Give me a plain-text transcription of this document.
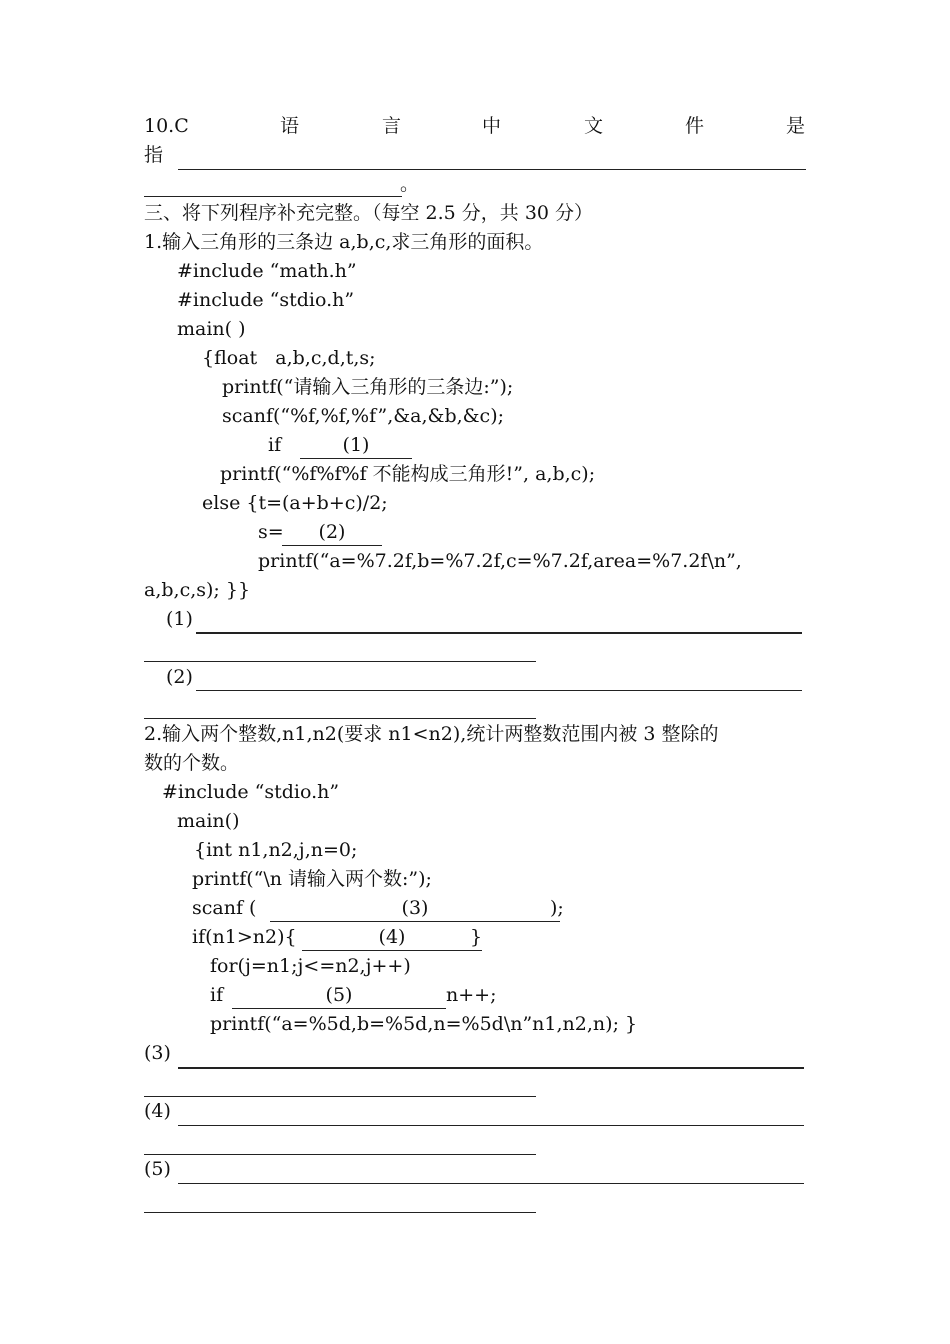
10.C	语	言	中	文	件	是
指
。
三、将下列程序补充完整。（每空 2.5 分，共 30 分）
1.输入三角形的三条边 a,b,c,求三角形的面积。
#include “math.h”
#include “stdio.h”
main( )
{float   a,b,c,d,t,s;
printf(“请输入三角形的三条边:”);
scanf(“%f,%f,%f”,&a,&b,&c);
if	(1)
printf(“%f%f%f 不能构成三角形!”, a,b,c);
else {t=(a+b+c)/2;
s=	(2)
printf(“a=%7.2f,b=%7.2f,c=%7.2f,area=%7.2f\n”,
a,b,c,s); }}
(1)
(2)
2.输入两个整数,n1,n2(要求 n1<n2),统计两整数范围内被 3 整除的
数的个数。
#include “stdio.h”
main()
{int n1,n2,j,n=0;
printf(“\n 请输入两个数:”);
scanf (	(3)	);
if(n1>n2){	(4)	}
for(j=n1;j<=n2,j++)
if	(5)	n++;
printf(“a=%5d,b=%5d,n=%5d\n”n1,n2,n); }
(3)
(4)
(5)
